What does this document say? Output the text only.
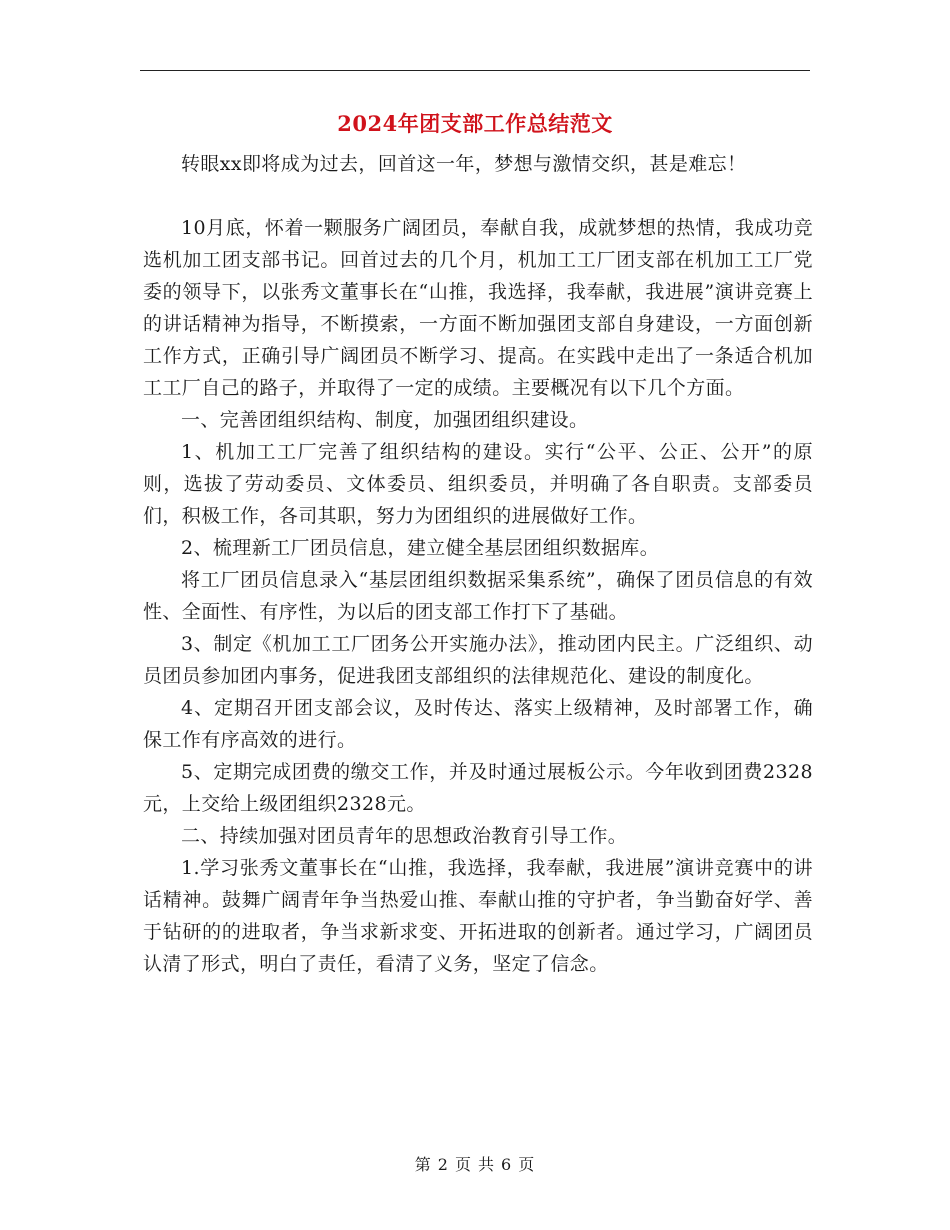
2024年团支部工作总结范文

转眼xx即将成为过去，回首这一年，梦想与激情交织，甚是难忘！

10月底，怀着一颗服务广阔团员，奉献自我，成就梦想的热情，我成功竞选机加工团支部书记。回首过去的几个月，机加工工厂团支部在机加工工厂党委的领导下，以张秀文董事长在“山推，我选择，我奉献，我进展”演讲竞赛上的讲话精神为指导，不断摸索，一方面不断加强团支部自身建设，一方面创新工作方式，正确引导广阔团员不断学习、提高。在实践中走出了一条适合机加工工厂自己的路子，并取得了一定的成绩。主要概况有以下几个方面。

一、完善团组织结构、制度，加强团组织建设。

1、机加工工厂完善了组织结构的建设。实行“公平、公正、公开”的原则，选拔了劳动委员、文体委员、组织委员，并明确了各自职责。支部委员们，积极工作，各司其职，努力为团组织的进展做好工作。

2、梳理新工厂团员信息，建立健全基层团组织数据库。

将工厂团员信息录入“基层团组织数据采集系统”，确保了团员信息的有效性、全面性、有序性，为以后的团支部工作打下了基础。

3、制定《机加工工厂团务公开实施办法》，推动团内民主。广泛组织、动员团员参加团内事务，促进我团支部组织的法律规范化、建设的制度化。

4、定期召开团支部会议，及时传达、落实上级精神，及时部署工作，确保工作有序高效的进行。

5、定期完成团费的缴交工作，并及时通过展板公示。今年收到团费2328元，上交给上级团组织2328元。

二、持续加强对团员青年的思想政治教育引导工作。

1.学习张秀文董事长在“山推，我选择，我奉献，我进展”演讲竞赛中的讲话精神。鼓舞广阔青年争当热爱山推、奉献山推的守护者，争当勤奋好学、善于钻研的的进取者，争当求新求变、开拓进取的创新者。通过学习，广阔团员认清了形式，明白了责任，看清了义务，坚定了信念。

第 2 页 共 6 页
